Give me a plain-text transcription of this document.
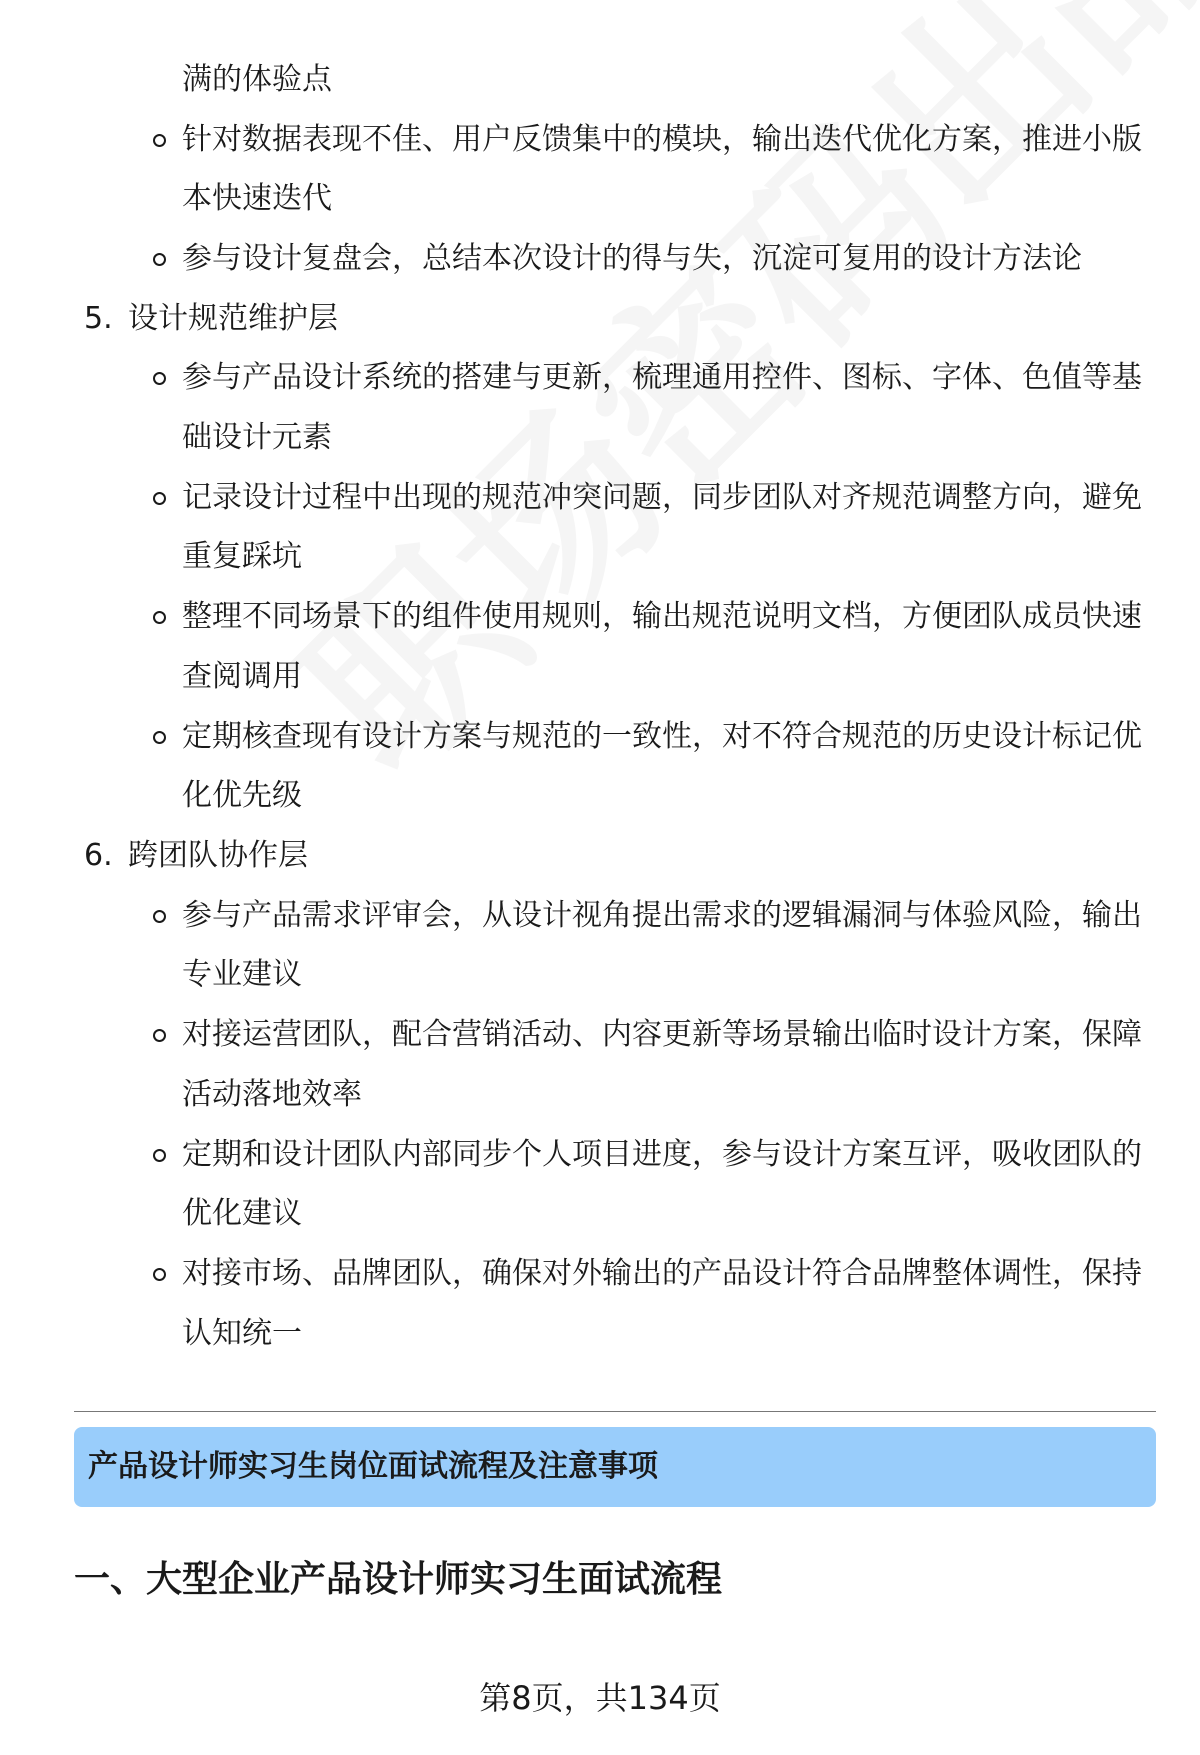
满的体验点
针对数据表现不佳、用户反馈集中的模块，输出迭代优化方案，推进小版
本快速迭代
参与设计复盘会，总结本次设计的得与失，沉淀可复用的设计方法论
5. 设计规范维护层
参与产品设计系统的搭建与更新，梳理通用控件、图标、字体、色值等基
础设计元素
记录设计过程中出现的规范冲突问题，同步团队对齐规范调整方向，避免
重复踩坑
整理不同场景下的组件使用规则，输出规范说明文档，方便团队成员快速
查阅调用
定期核查现有设计方案与规范的一致性，对不符合规范的历史设计标记优
化优先级
6. 跨团队协作层
参与产品需求评审会，从设计视角提出需求的逻辑漏洞与体验风险，输出
专业建议
对接运营团队，配合营销活动、内容更新等场景输出临时设计方案，保障
活动落地效率
定期和设计团队内部同步个人项目进度，参与设计方案互评，吸收团队的
优化建议
对接市场、品牌团队，确保对外输出的产品设计符合品牌整体调性，保持
认知统一
产品设计师实习生岗位面试流程及注意事项
一、大型企业产品设计师实习生面试流程
第8页，共134页
